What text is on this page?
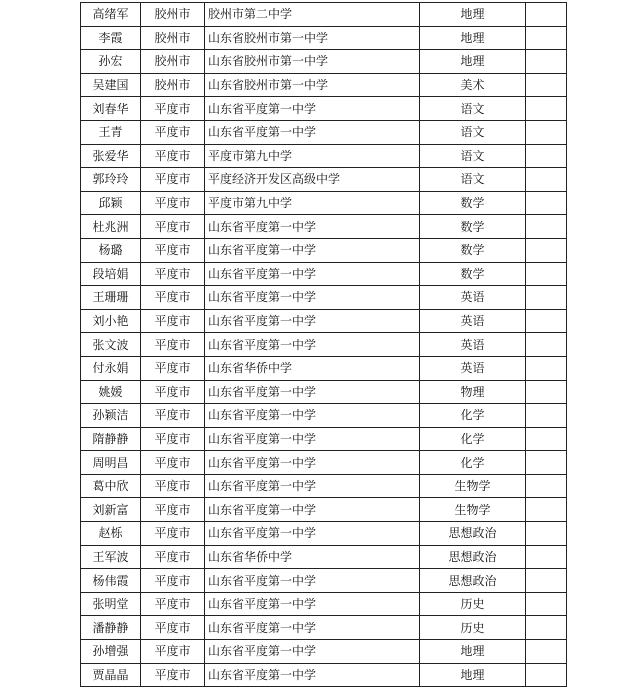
高绪军	胶州市	胶州市第二中学	地理	
李霞	胶州市	山东省胶州市第一中学	地理	
孙宏	胶州市	山东省胶州市第一中学	地理	
吴建国	胶州市	山东省胶州市第一中学	美术	
刘春华	平度市	山东省平度第一中学	语文	
王青	平度市	山东省平度第一中学	语文	
张爱华	平度市	平度市第九中学	语文	
郭玲玲	平度市	平度经济开发区高级中学	语文	
邱颖	平度市	平度市第九中学	数学	
杜兆洲	平度市	山东省平度第一中学	数学	
杨璐	平度市	山东省平度第一中学	数学	
段培娟	平度市	山东省平度第一中学	数学	
王珊珊	平度市	山东省平度第一中学	英语	
刘小艳	平度市	山东省平度第一中学	英语	
张文波	平度市	山东省平度第一中学	英语	
付永娟	平度市	山东省华侨中学	英语	
姚媛	平度市	山东省平度第一中学	物理	
孙颖洁	平度市	山东省平度第一中学	化学	
隋静静	平度市	山东省平度第一中学	化学	
周明昌	平度市	山东省平度第一中学	化学	
葛中欣	平度市	山东省平度第一中学	生物学	
刘新富	平度市	山东省平度第一中学	生物学	
赵栎	平度市	山东省平度第一中学	思想政治	
王军波	平度市	山东省华侨中学	思想政治	
杨伟霞	平度市	山东省平度第一中学	思想政治	
张明堂	平度市	山东省平度第一中学	历史	
潘静静	平度市	山东省平度第一中学	历史	
孙增强	平度市	山东省平度第一中学	地理	
贾晶晶	平度市	山东省平度第一中学	地理	
